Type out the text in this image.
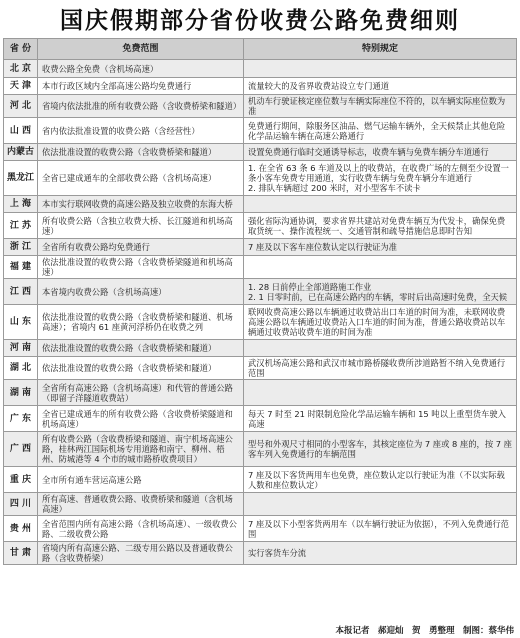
国庆假期部分省份收费公路免费细则
省 份	免费范围	特别规定
北 京	收费公路全免费（含机场高速）	
天 津	本市行政区域内全部高速公路均免费通行	流量较大的及省界收费站设立专门通道
河 北	省境内依法批准的所有收费公路（含收费桥梁和隧道）	机动车行驶证核定座位数与车辆实际座位不符的，以车辆实际座位数为准
山 西	省内依法批准设置的收费公路（含经营性）	免费通行期间，除服务区油品、燃气运输车辆外，全天候禁止其他危险化学品运输车辆在高速公路通行
内蒙古	依法批准设置的收费公路（含收费桥梁和隧道）	设置免费通行临时交通诱导标志，收费车辆与免费车辆分车道通行
黑龙江	全省已建成通车的全部收费公路（含机场高速）	1. 在全省 63 条 6 车道及以上的收费站，在收费广场的左侧至少设置一条小客车免费专用通道，实行收费车辆与免费车辆分车道通行
2. 排队车辆超过 200 米时，对小型客车不读卡
上 海	本市实行联网收费的高速公路及独立收费的东海大桥	
江 苏	所有收费公路（含独立收费大桥、长江隧道和机场高速）	强化省际沟通协调，要求省界共建站对免费车辆互为代发卡，确保免费取货统一、操作流程统一、交通管制和疏导措施信息即时告知
浙 江	全省所有收费公路均免费通行	7 座及以下客车座位数认定以行驶证为准
福 建	依法批准设置的收费公路（含收费桥梁隧道和机场高速）	
江 西	本省境内收费公路（含机场高速）	1. 28 日前停止全部道路施工作业
2. 1 日零时前，已在高速公路内的车辆，零时后出高速时免费，全天候
山 东	依法批准设置的收费公路（含收费桥梁和隧道、机场高速）；省境内 61 座黄河浮桥仍在收费之列	联网收费高速公路以车辆通过收费站出口车道的时间为准，未联网收费高速公路以车辆通过收费站入口车道的时间为准，普通公路收费站以车辆通过收费站收费车道的时间为准
河 南	依法批准设置的收费公路（含收费桥梁和隧道）	
湖 北	依法批准设置的收费公路（含收费桥梁和隧道）	武汉机场高速公路和武汉市城市路桥隧收费所涉道路暂不纳入免费通行范围
湖 南	全省所有高速公路（含机场高速）和代管的普通公路（即留子洋隧道收费站）	
广 东	全省已建成通车的所有收费公路（含收费桥梁隧道和机场高速）	每天 7 时至 21 时限制危险化学品运输车辆和 15 吨以上重型货车驶入高速
广 西	所有收费公路（含收费桥梁和隧道、南宁机场高速公路，桂林两江国际机场专用道路和南宁、柳州、梧州、防城港等 4 个市的城市路桥收费项目）	型号和外观尺寸相同的小型客车，其核定座位为 7 座或 8 座的，按 7 座客车列入免费通行的车辆范围
重 庆	全市所有通车营运高速公路	7 座及以下客货两用车也免费，座位数认定以行驶证为准（不以实际载人数和座位数认定）
四 川	所有高速、普通收费公路、收费桥梁和隧道（含机场高速）	
贵 州	全省范围内所有高速公路（含机场高速）、一级收费公路、二级收费公路	7 座及以下小型客货两用车（以车辆行驶证为依据），不列入免费通行范围
甘 肃	省境内所有高速公路、二级专用公路以及普通收费公路（含收费桥梁）	实行客货车分流
本报记者　郝迎灿　贺　勇整理　制图：蔡华伟
